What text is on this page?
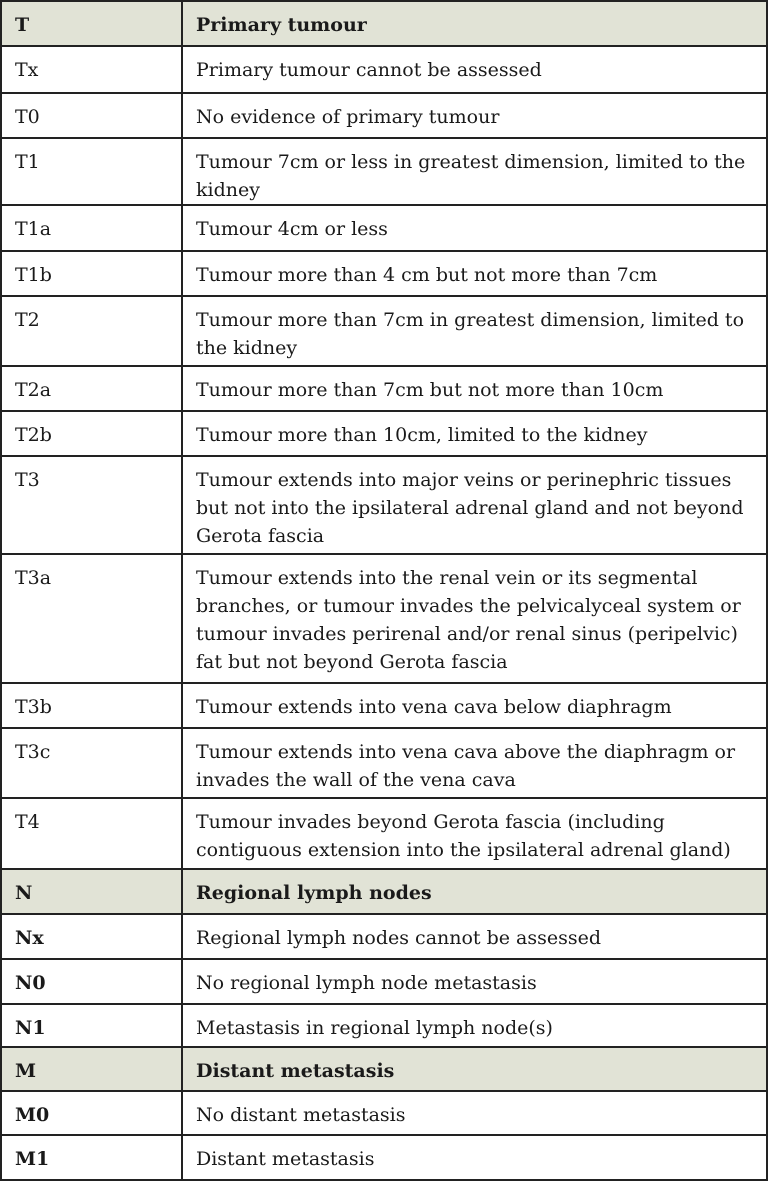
T	Primary tumour
Tx	Primary tumour cannot be assessed
T0	No evidence of primary tumour
T1	Tumour 7cm or less in greatest dimension, limited to the kidney
T1a	Tumour 4cm or less
T1b	Tumour more than 4 cm but not more than 7cm
T2	Tumour more than 7cm in greatest dimension, limited to the kidney
T2a	Tumour more than 7cm but not more than 10cm
T2b	Tumour more than 10cm, limited to the kidney
T3	Tumour extends into major veins or perinephric tissues but not into the ipsilateral adrenal gland and not beyond Gerota fascia
T3a	Tumour extends into the renal vein or its segmental branches, or tumour invades the pelvicalyceal system or tumour invades perirenal and/or renal sinus (peripelvic) fat but not beyond Gerota fascia
T3b	Tumour extends into vena cava below diaphragm
T3c	Tumour extends into vena cava above the diaphragm or invades the wall of the vena cava
T4	Tumour invades beyond Gerota fascia (including contiguous extension into the ipsilateral adrenal gland)
N	Regional lymph nodes
Nx	Regional lymph nodes cannot be assessed
N0	No regional lymph node metastasis
N1	Metastasis in regional lymph node(s)
M	Distant metastasis
M0	No distant metastasis
M1	Distant metastasis
